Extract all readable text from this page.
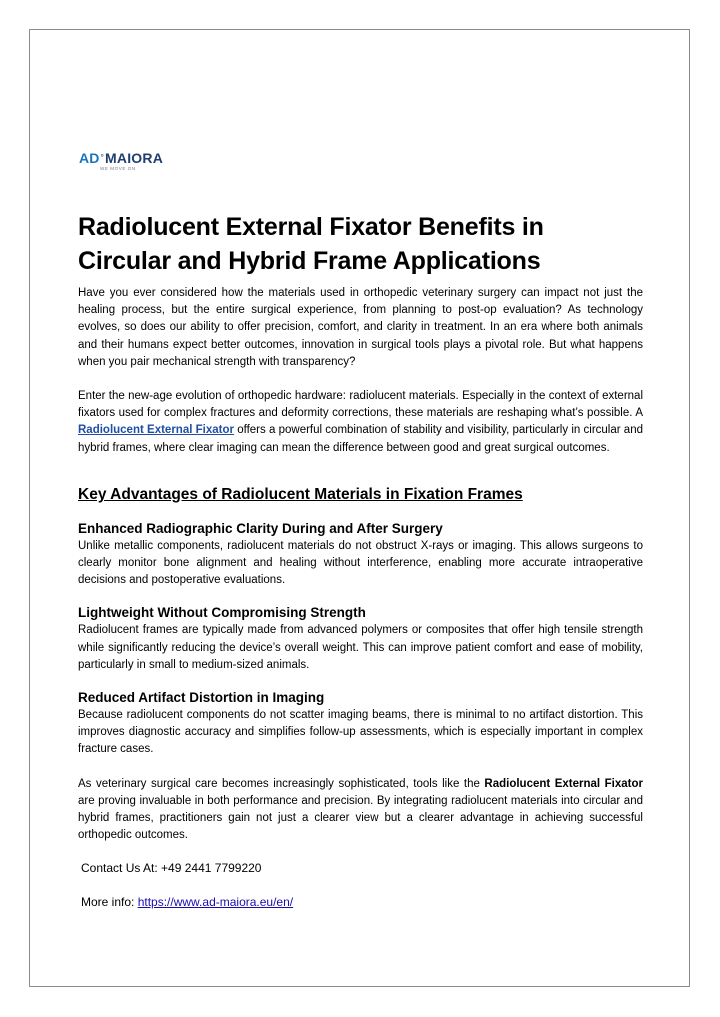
AD°MAIORA
WE MOVE ON
Radiolucent External Fixator Benefits in Circular and Hybrid Frame Applications

Have you ever considered how the materials used in orthopedic veterinary surgery can impact not just the healing process, but the entire surgical experience, from planning to post-op evaluation? As technology evolves, so does our ability to offer precision, comfort, and clarity in treatment. In an era where both animals and their humans expect better outcomes, innovation in surgical tools plays a pivotal role. But what happens when you pair mechanical strength with transparency?

Enter the new-age evolution of orthopedic hardware: radiolucent materials. Especially in the context of external fixators used for complex fractures and deformity corrections, these materials are reshaping what’s possible. A Radiolucent External Fixator offers a powerful combination of stability and visibility, particularly in circular and hybrid frames, where clear imaging can mean the difference between good and great surgical outcomes.

Key Advantages of Radiolucent Materials in Fixation Frames
Enhanced Radiographic Clarity During and After Surgery

Unlike metallic components, radiolucent materials do not obstruct X-rays or imaging. This allows surgeons to clearly monitor bone alignment and healing without interference, enabling more accurate intraoperative decisions and postoperative evaluations.

Lightweight Without Compromising Strength

Radiolucent frames are typically made from advanced polymers or composites that offer high tensile strength while significantly reducing the device’s overall weight. This can improve patient comfort and ease of mobility, particularly in small to medium-sized animals.

Reduced Artifact Distortion in Imaging

Because radiolucent components do not scatter imaging beams, there is minimal to no artifact distortion. This improves diagnostic accuracy and simplifies follow-up assessments, which is especially important in complex fracture cases.

As veterinary surgical care becomes increasingly sophisticated, tools like the Radiolucent External Fixator are proving invaluable in both performance and precision. By integrating radiolucent materials into circular and hybrid frames, practitioners gain not just a clearer view but a clearer advantage in achieving successful orthopedic outcomes.

Contact Us At: +49 2441 7799220
More info: https://www.ad-maiora.eu/en/
